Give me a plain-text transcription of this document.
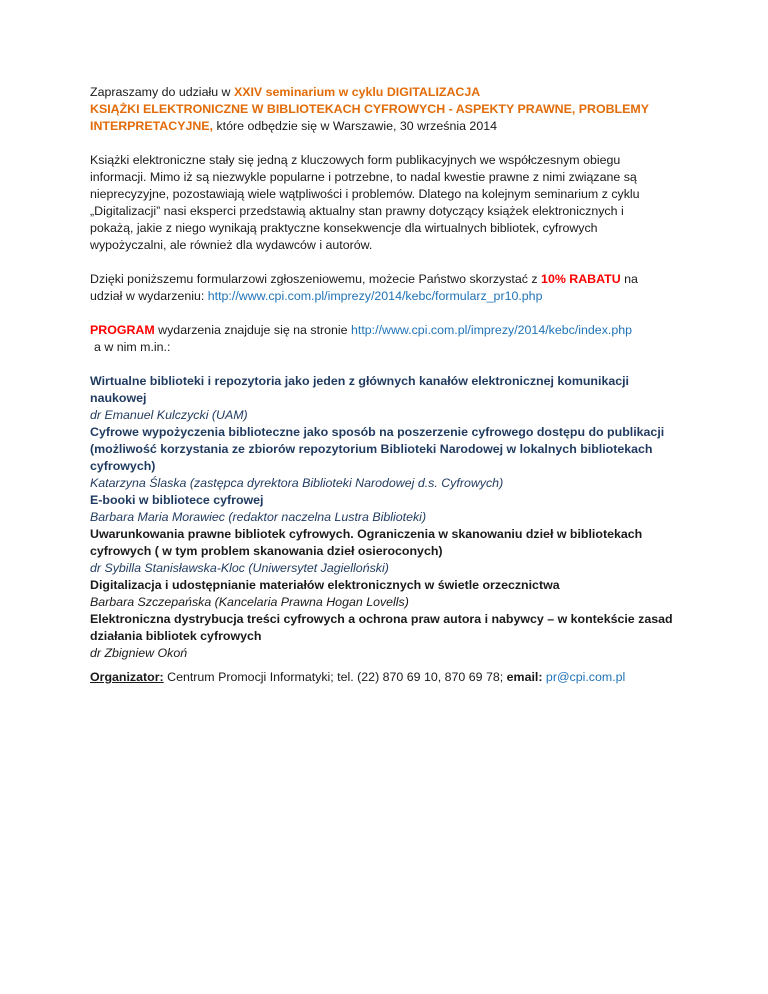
Zapraszamy do udziału w XXIV seminarium w cyklu DIGITALIZACJA
KSIĄŻKI ELEKTRONICZNE W BIBLIOTEKACH CYFROWYCH - ASPEKTY PRAWNE, PROBLEMY
INTERPRETACYJNE, które odbędzie się w Warszawie, 30 września 2014

Książki elektroniczne stały się jedną z kluczowych form publikacyjnych we współczesnym obiegu
informacji. Mimo iż są niezwykle popularne i potrzebne, to nadal kwestie prawne z nimi związane są
nieprecyzyjne, pozostawiają wiele wątpliwości i problemów. Dlatego na kolejnym seminarium z cyklu
„Digitalizacji” nasi eksperci przedstawią aktualny stan prawny dotyczący książek elektronicznych i
pokażą, jakie z niego wynikają praktyczne konsekwencje dla wirtualnych bibliotek, cyfrowych
wypożyczalni, ale również dla wydawców i autorów.

Dzięki poniższemu formularzowi zgłoszeniowemu, możecie Państwo skorzystać z 10% RABATU na
udział w wydarzeniu: http://www.cpi.com.pl/imprezy/2014/kebc/formularz_pr10.php

PROGRAM wydarzenia znajduje się na stronie http://www.cpi.com.pl/imprezy/2014/kebc/index.php
a w nim m.in.:

Wirtualne biblioteki i repozytoria jako jeden z głównych kanałów elektronicznej komunikacji
naukowej
dr Emanuel Kulczycki (UAM)
Cyfrowe wypożyczenia biblioteczne jako sposób na poszerzenie cyfrowego dostępu do publikacji
(możliwość korzystania ze zbiorów repozytorium Biblioteki Narodowej w lokalnych bibliotekach
cyfrowych)
Katarzyna Ślaska (zastępca dyrektora Biblioteki Narodowej d.s. Cyfrowych)
E-booki w bibliotece cyfrowej
Barbara Maria Morawiec (redaktor naczelna Lustra Biblioteki)
Uwarunkowania prawne bibliotek cyfrowych. Ograniczenia w skanowaniu dzieł w bibliotekach
cyfrowych ( w tym problem skanowania dzieł osieroconych)
dr Sybilla Stanisławska-Kloc (Uniwersytet Jagielloński)
Digitalizacja i udostępnianie materiałów elektronicznych w świetle orzecznictwa
Barbara Szczepańska (Kancelaria Prawna Hogan Lovells)
Elektroniczna dystrybucja treści cyfrowych a ochrona praw autora i nabywcy – w kontekście zasad
działania bibliotek cyfrowych
dr Zbigniew Okoń
Organizator: Centrum Promocji Informatyki; tel. (22) 870 69 10, 870 69 78; email: pr@cpi.com.pl
